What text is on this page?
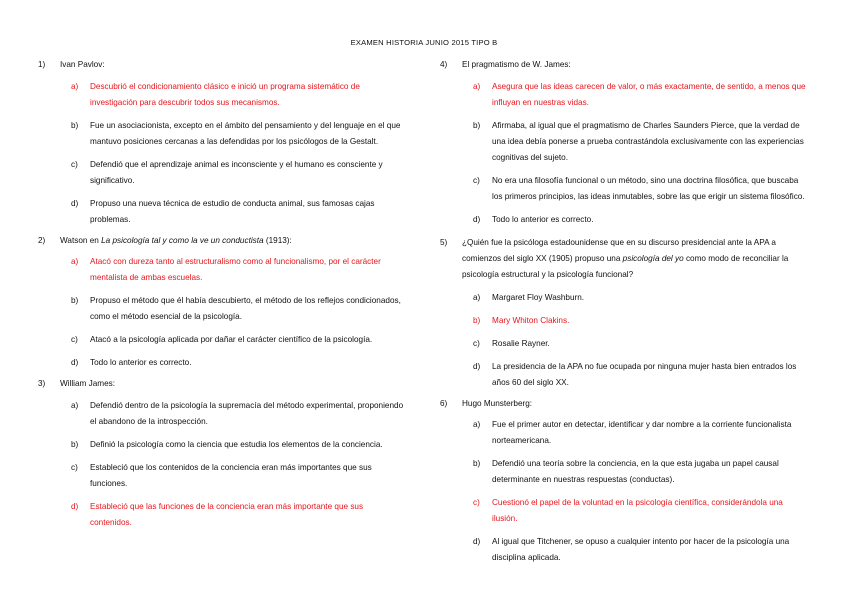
EXAMEN HISTORIA JUNIO 2015 TIPO B
1) Ivan Pavlov:
a) Descubrió el condicionamiento clásico e inició un programa sistemático de investigación para descubrir todos sus mecanismos.
b) Fue un asociacionista, excepto en el ámbito del pensamiento y del lenguaje en el que mantuvo posiciones cercanas a las defendidas por los psicólogos de la Gestalt.
c) Defendió que el aprendizaje animal es inconsciente y el humano es consciente y significativo.
d) Propuso una nueva técnica de estudio de conducta animal, sus famosas cajas problemas.
2) Watson en La psicología tal y como la ve un conductista (1913):
a) Atacó con dureza tanto al estructuralismo como al funcionalismo, por el carácter mentalista de ambas escuelas.
b) Propuso el método que él había descubierto, el método de los reflejos condicionados, como el método esencial de la psicología.
c) Atacó a la psicología aplicada por dañar el carácter científico de la psicología.
d) Todo lo anterior es correcto.
3) William James:
a) Defendió dentro de la psicología la supremacía del método experimental, proponiendo el abandono de la introspección.
b) Definió la psicología como la ciencia que estudia los elementos de la conciencia.
c) Estableció que los contenidos de la conciencia eran más importantes que sus funciones.
d) Estableció que las funciones de la conciencia eran más importante que sus contenidos.
4) El pragmatismo de W. James:
a) Asegura que las ideas carecen de valor, o más exactamente, de sentido, a menos que influyan en nuestras vidas.
b) Afirmaba, al igual que el pragmatismo de Charles Saunders Pierce, que la verdad de una idea debía ponerse a prueba contrastándola exclusivamente con las experiencias cognitivas del sujeto.
c) No era una filosofía funcional o un método, sino una doctrina filosófica, que buscaba los primeros principios, las ideas inmutables, sobre las que erigir un sistema filosófico.
d) Todo lo anterior es correcto.
5) ¿Quién fue la psicóloga estadounidense que en su discurso presidencial ante la APA a comienzos del siglo XX (1905) propuso una psicología del yo como modo de reconciliar la psicología estructural y la psicología funcional?
a) Margaret Floy Washburn.
b) Mary Whiton Clakins.
c) Rosalie Rayner.
d) La presidencia de la APA no fue ocupada por ninguna mujer hasta bien entrados los años 60 del siglo XX.
6) Hugo Munsterberg:
a) Fue el primer autor en detectar, identificar y dar nombre a la corriente funcionalista norteamericana.
b) Defendió una teoría sobre la conciencia, en la que esta jugaba un papel causal determinante en nuestras respuestas (conductas).
c) Cuestionó el papel de la voluntad en la psicología científica, considerándola una ilusión.
d) Al igual que Titchener, se opuso a cualquier intento por hacer de la psicología una disciplina aplicada.
